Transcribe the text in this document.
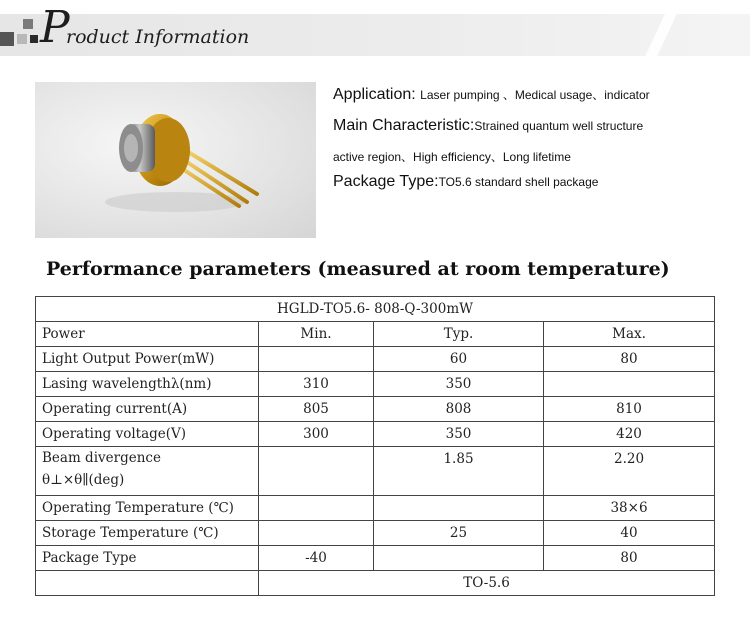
P
roduct Information
Application: Laser pumping 、Medical usage、indicator
Main Characteristic:Strained quantum well structure
active region、High efficiency、Long lifetime
Package Type:TO5.6 standard shell package
Performance parameters (measured at room temperature)
HGLD-TO5.6- 808-Q-300mW			
Power	Min.	Typ.	Max.
Light Output Power(mW)		60	80
Lasing wavelengthλ(nm)	310	350	
Operating current(A)	805	808	810
Operating voltage(V)	300	350	420

Beam divergence
θ⊥×θ∥(deg)		1.85	2.20
Operating Temperature (℃)			38×6
Storage Temperature (℃)		25	40
Package Type	-40		80
	TO-5.6		
